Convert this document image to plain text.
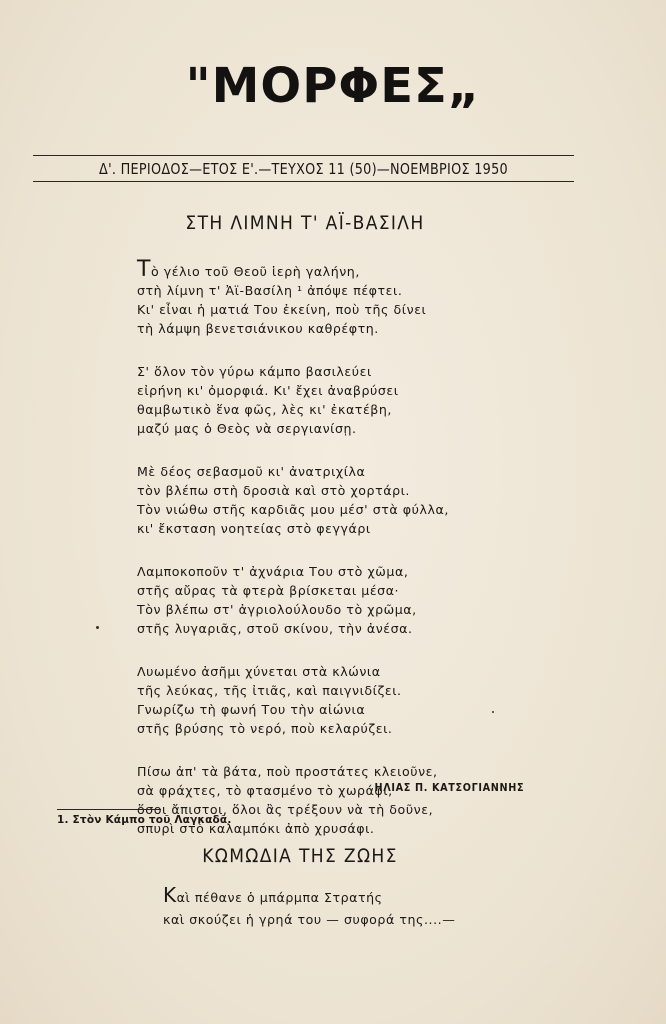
"ΜΟΡΦΕΣ„
Δ'. ΠΕΡΙΟΔΟΣ—ΕΤΟΣ Ε'.—ΤΕΥΧΟΣ 11 (50)—ΝΟΕΜΒΡΙΟΣ 1950
ΣΤΗ ΛΙΜΝΗ Τ' ΑΪ-ΒΑΣΙΛΗ
Τὸ γέλιο τοῦ Θεοῦ ἱερὴ γαλήνη,
στὴ λίμνη τ' Ἀϊ-Βασίλη ¹ ἀπόψε πέφτει.
Κι' εἶναι ἡ ματιά Του ἐκείνη, ποὺ τῆς δίνει
τὴ λάμψη βενετσιάνικου καθρέφτη.
Σ' ὅλον τὸν γύρω κάμπο βασιλεύει
εἰρήνη κι' ὀμορφιά. Κι' ἔχει ἀναβρύσει
θαμβωτικὸ ἕνα φῶς, λὲς κι' ἐκατέβη,
μαζύ μας ὁ Θεὸς νὰ σεργιανίσῃ.
Μὲ δέος σεβασμοῦ κι' ἀνατριχίλα
τὸν βλέπω στὴ δροσιὰ καὶ στὸ χορτάρι.
Τὸν νιώθω στῆς καρδιᾶς μου μέσ' στὰ φύλλα,
κι' ἔκσταση νοητείας στὸ φεγγάρι
Λαμποκοποῦν τ' ἀχνάρια Του στὸ χῶμα,
στῆς αὔρας τὰ φτερὰ βρίσκεται μέσα·
Τὸν βλέπω στ' ἀγριολούλουδο τὸ χρῶμα,
στῆς λυγαριᾶς, στοῦ σκίνου, τὴν ἀνέσα.
Λυωμένο ἀσῆμι χύνεται στὰ κλώνια
τῆς λεύκας, τῆς ἰτιᾶς, καὶ παιγνιδίζει.
Γνωρίζω τὴ φωνή Του τὴν αἰώνια
στῆς βρύσης τὸ νερό, ποὺ κελαρύζει.
Πίσω ἀπ' τὰ βάτα, ποὺ προστάτες κλειοῦνε,
σὰ φράχτες, τὸ φτασμένο τὸ χωράφι,
ὅσοι ἄπιστοι, ὅλοι ἂς τρέξουν νὰ τὴ δοῦνε,
σπυρὶ στὸ καλαμπόκι ἀπὸ χρυσάφι.
ΗΛΙΑΣ Π. ΚΑΤΣΟΓΙΑΝΝΗΣ
1. Στὸν Κάμπο τοῦ Λαγκαδᾶ.
ΚΩΜΩΔΙΑ ΤΗΣ ΖΩΗΣ
Καὶ πέθανε ὁ μπάρμπα Στρατής
καὶ σκούζει ἡ γρηά του — συφορά της....—
